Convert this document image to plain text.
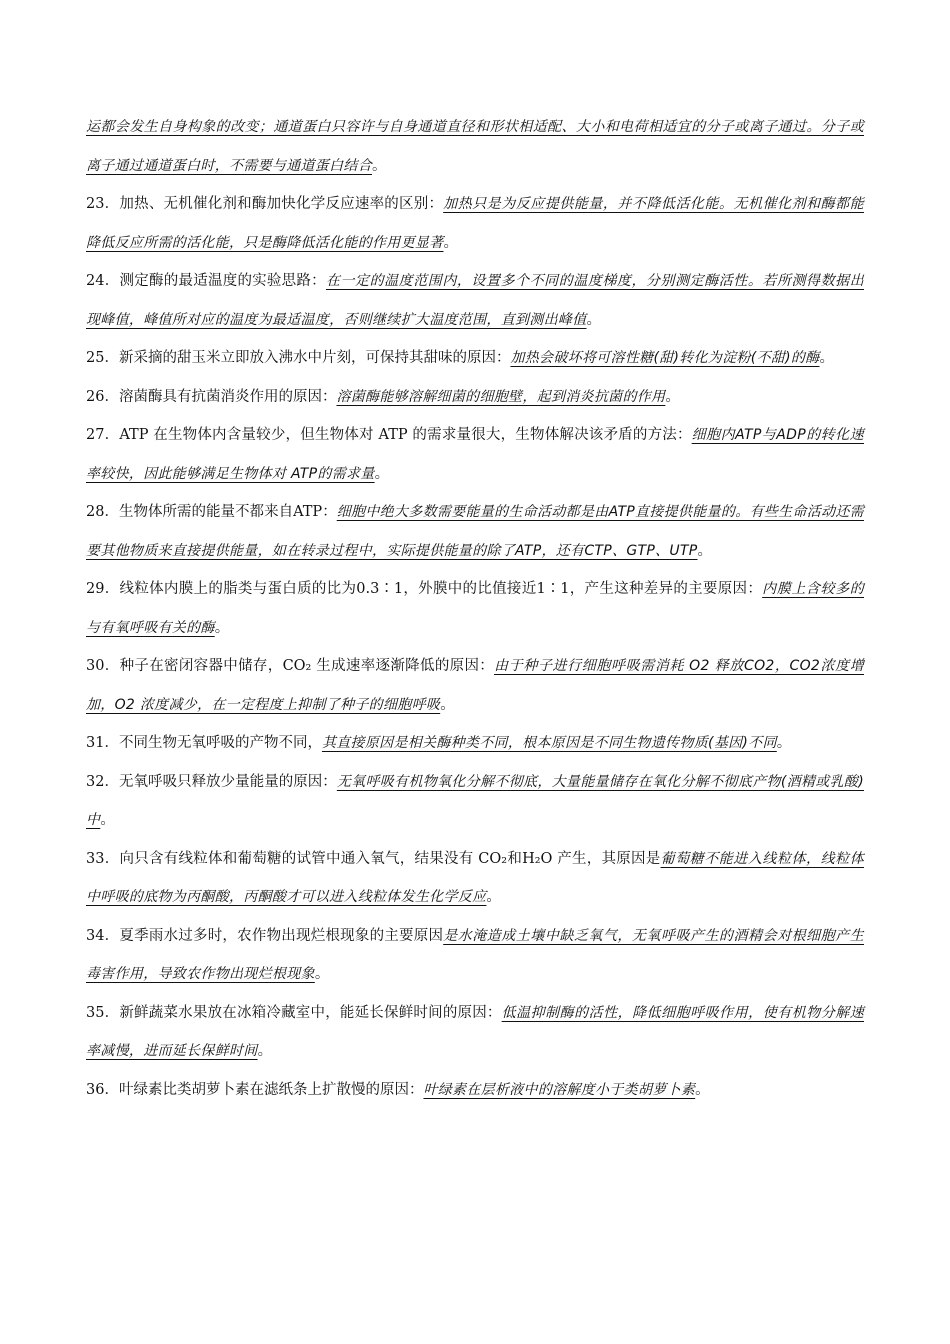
运都会发生自身构象的改变；通道蛋白只容许与自身通道直径和形状相适配、大小和电荷相适宜的分子或离子通过。分子或离子通过通道蛋白时，不需要与通道蛋白结合。

23．加热、无机催化剂和酶加快化学反应速率的区别：加热只是为反应提供能量，并不降低活化能。无机催化剂和酶都能降低反应所需的活化能，只是酶降低活化能的作用更显著。

24．测定酶的最适温度的实验思路：在一定的温度范围内，设置多个不同的温度梯度，分别测定酶活性。若所测得数据出现峰值，峰值所对应的温度为最适温度，否则继续扩大温度范围，直到测出峰值。

25．新采摘的甜玉米立即放入沸水中片刻，可保持其甜味的原因：加热会破坏将可溶性糖(甜)转化为淀粉(不甜)的酶。

26．溶菌酶具有抗菌消炎作用的原因：溶菌酶能够溶解细菌的细胞壁，起到消炎抗菌的作用。

27．ATP 在生物体内含量较少，但生物体对 ATP 的需求量很大，生物体解决该矛盾的方法：细胞内ATP与ADP的转化速率较快，因此能够满足生物体对 ATP的需求量。

28．生物体所需的能量不都来自ATP：细胞中绝大多数需要能量的生命活动都是由ATP直接提供能量的。有些生命活动还需要其他物质来直接提供能量，如在转录过程中，实际提供能量的除了ATP，还有CTP、GTP、UTP。

29．线粒体内膜上的脂类与蛋白质的比为0.3∶1，外膜中的比值接近1∶1，产生这种差异的主要原因：内膜上含较多的与有氧呼吸有关的酶。

30．种子在密闭容器中储存，CO₂ 生成速率逐渐降低的原因：由于种子进行细胞呼吸需消耗 O2 释放CO2，CO2浓度增加，O2 浓度减少，在一定程度上抑制了种子的细胞呼吸。

31．不同生物无氧呼吸的产物不同，其直接原因是相关酶种类不同，根本原因是不同生物遗传物质(基因)不同。

32．无氧呼吸只释放少量能量的原因：无氧呼吸有机物氧化分解不彻底，大量能量储存在氧化分解不彻底产物(酒精或乳酸)中。

33．向只含有线粒体和葡萄糖的试管中通入氧气，结果没有 CO₂和H₂O 产生，其原因是葡萄糖不能进入线粒体，线粒体中呼吸的底物为丙酮酸，丙酮酸才可以进入线粒体发生化学反应。

34．夏季雨水过多时，农作物出现烂根现象的主要原因是水淹造成土壤中缺乏氧气，无氧呼吸产生的酒精会对根细胞产生毒害作用，导致农作物出现烂根现象。

35．新鲜蔬菜水果放在冰箱冷藏室中，能延长保鲜时间的原因：低温抑制酶的活性，降低细胞呼吸作用，使有机物分解速率减慢，进而延长保鲜时间。

36．叶绿素比类胡萝卜素在滤纸条上扩散慢的原因：叶绿素在层析液中的溶解度小于类胡萝卜素。
